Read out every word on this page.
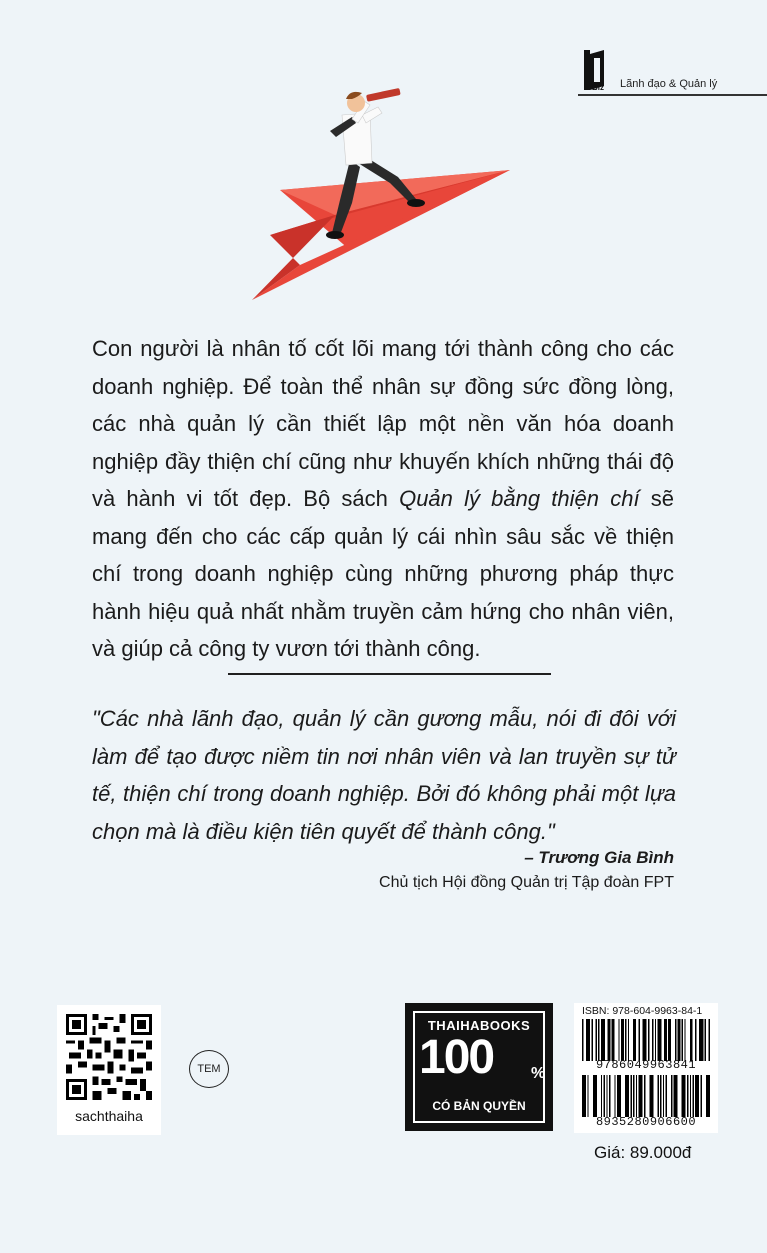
Biz Lãnh đạo & Quản lý
Con người là nhân tố cốt lõi mang tới thành công cho các doanh nghiệp. Để toàn thể nhân sự đồng sức đồng lòng, các nhà quản lý cần thiết lập một nền văn hóa doanh nghiệp đầy thiện chí cũng như khuyến khích những thái độ và hành vi tốt đẹp. Bộ sách Quản lý bằng thiện chí sẽ mang đến cho các cấp quản lý cái nhìn sâu sắc về thiện chí trong doanh nghiệp cùng những phương pháp thực hành hiệu quả nhất nhằm truyền cảm hứng cho nhân viên, và giúp cả công ty vươn tới thành công.
"Các nhà lãnh đạo, quản lý cần gương mẫu, nói đi đôi với làm để tạo được niềm tin nơi nhân viên và lan truyền sự tử tế, thiện chí trong doanh nghiệp. Bởi đó không phải một lựa chọn mà là điều kiện tiên quyết để thành công."
– Trương Gia Bình
Chủ tịch Hội đồng Quản trị Tập đoàn FPT
sachthaiha
TEM
THAIHABOOKS
100 %
CÓ BẢN QUYỀN
ISBN: 978-604-9963-84-1
9786049963841
8935280906600
Giá: 89.000đ
